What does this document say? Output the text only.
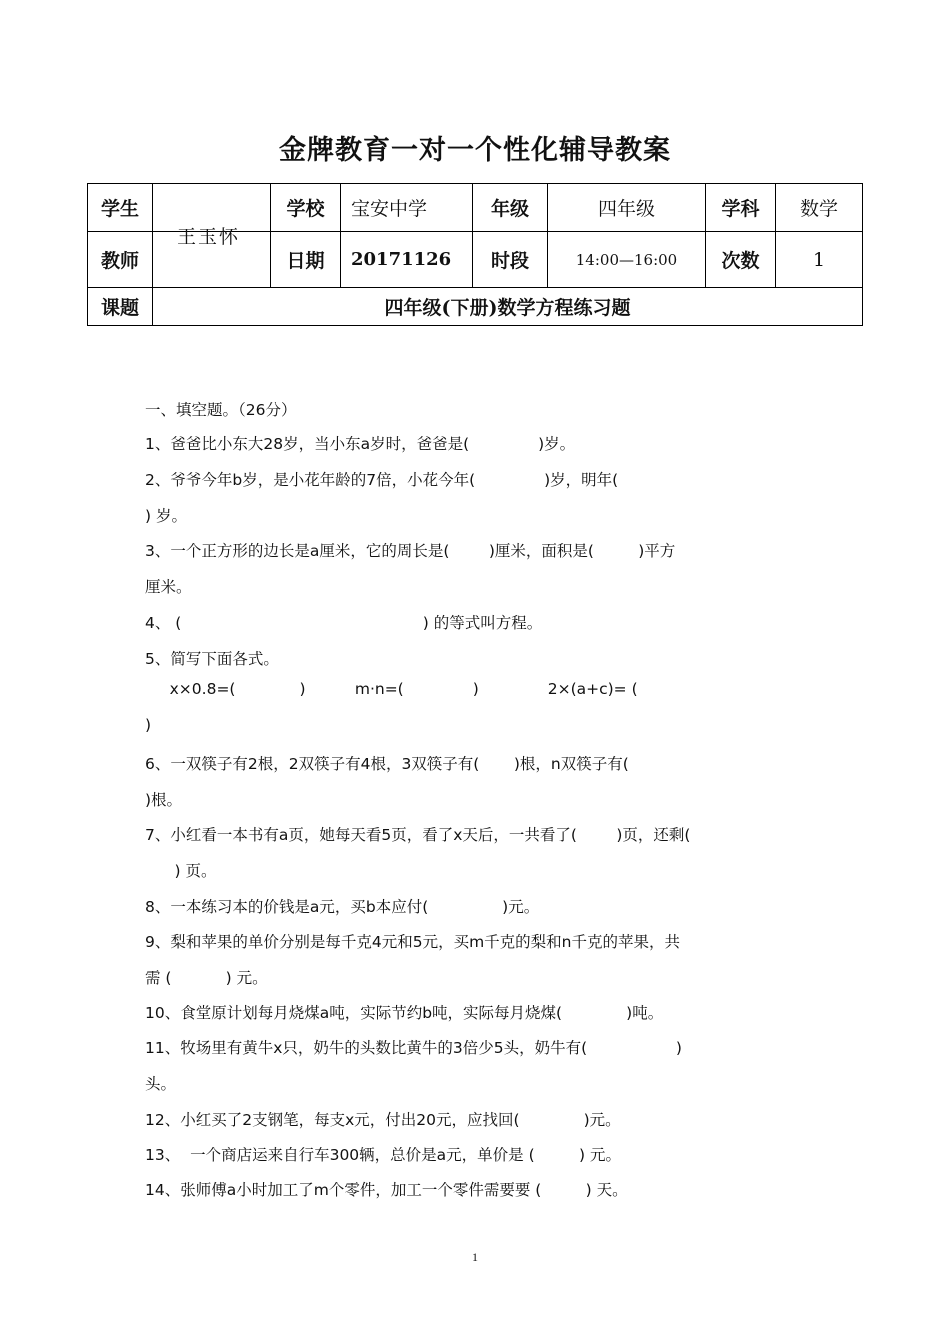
金牌教育一对一个性化辅导教案
学生		学校	宝安中学	年级	四年级	学科	数学
教师	王玉怀	日期	20171126	时段	14:00—16:00	次数	1
课题	四年级(下册)数学方程练习题						
一、填空题。（26分）
1、爸爸比小东大28岁，当小东a岁时，爸爸是(              )岁。
2、爷爷今年b岁，是小花年龄的7倍，小花今年(              )岁，明年(
) 岁。
3、一个正方形的边长是a厘米，它的周长是(        )厘米，面积是(         )平方
厘米。
4、 (                                                 ) 的等式叫方程。
5、简写下面各式。
x×0.8=(             )          m·n=(              )              2×(a+c)= (
)
6、一双筷子有2根，2双筷子有4根，3双筷子有(       )根，n双筷子有(
)根。
7、小红看一本书有a页，她每天看5页，看了x天后，一共看了(        )页，还剩(
) 页。
8、一本练习本的价钱是a元，买b本应付(               )元。
9、梨和苹果的单价分别是每千克4元和5元，买m千克的梨和n千克的苹果，共
需 (           ) 元。
10、食堂原计划每月烧煤a吨，实际节约b吨，实际每月烧煤(             )吨。
11、牧场里有黄牛x只，奶牛的头数比黄牛的3倍少5头，奶牛有(                  )
头。
12、小红买了2支钢笔，每支x元，付出20元，应找回(             )元。
13、  一个商店运来自行车300辆，总价是a元，单价是 (         ) 元。
14、张师傅a小时加工了m个零件，加工一个零件需要要 (         ) 天。
1
